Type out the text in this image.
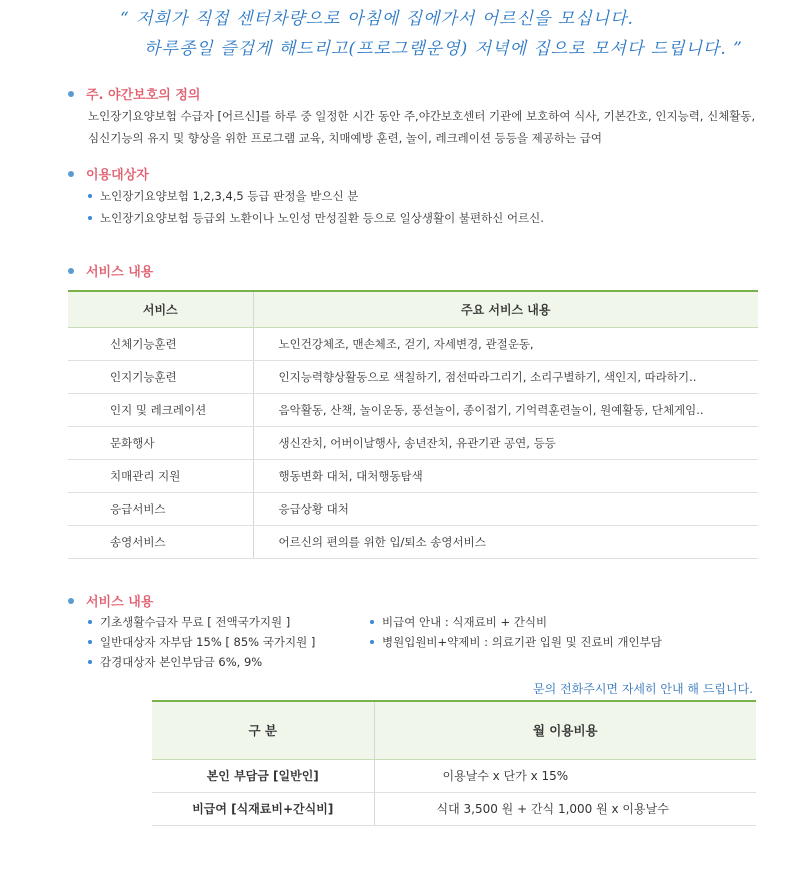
“ 저희가 직접 센터차량으로 아침에 집에가서 어르신을 모십니다.
하루종일 즐겁게 해드리고(프로그램운영) 저녁에 집으로 모셔다 드립니다. ”
주. 야간보호의 정의
노인장기요양보험 수급자 [어르신]를 하루 중 일정한 시간 동안 주,야간보호센터 기관에 보호하여 식사, 기본간호, 인지능력, 신체활동, 심신기능의 유지 및 향상을 위한 프로그램 교육, 치매예방 훈련, 놀이, 레크레이션 등등을 제공하는 급여
이용대상자
노인장기요양보험 1,2,3,4,5 등급 판정을 받으신 분
노인장기요양보험 등급외 노환이나 노인성 만성질환 등으로 일상생활이 불편하신 어르신.
서비스 내용
서비스	주요 서비스 내용
신체기능훈련	노인건강체조, 맨손체조, 걷기, 자세변경, 관절운동,
인지기능훈련	인지능력향상활동으로 색칠하기, 점선따라그리기, 소리구별하기, 색인지, 따라하기..
인지 및 레크레이션	음악활동, 산책, 놀이운동, 풍선놀이, 종이접기, 기억력훈련놀이, 원예활동, 단체게임..
문화행사	생신잔치, 어버이날행사, 송년잔치, 유관기관 공연, 등등
치매관리 지원	행동변화 대처, 대처행동탐색
응급서비스	응급상황 대처
송영서비스	어르신의 편의를 위한 입/퇴소 송영서비스
서비스 내용
기초생활수급자 무료 [ 전액국가지원 ]
일반대상자 자부담 15% [ 85% 국가지원 ]
감경대상자 본인부담금 6%, 9%
비급여 안내 : 식재료비 + 간식비
병원입원비+약제비 : 의료기관 입원 및 진료비 개인부담
문의 전화주시면 자세히 안내 해 드립니다.
구 분	월 이용비용
본인 부담금 [일반인]	이용날수 x 단가 x 15%
비급여 [식재료비+간식비]	식대 3,500 원 + 간식 1,000 원 x 이용날수
